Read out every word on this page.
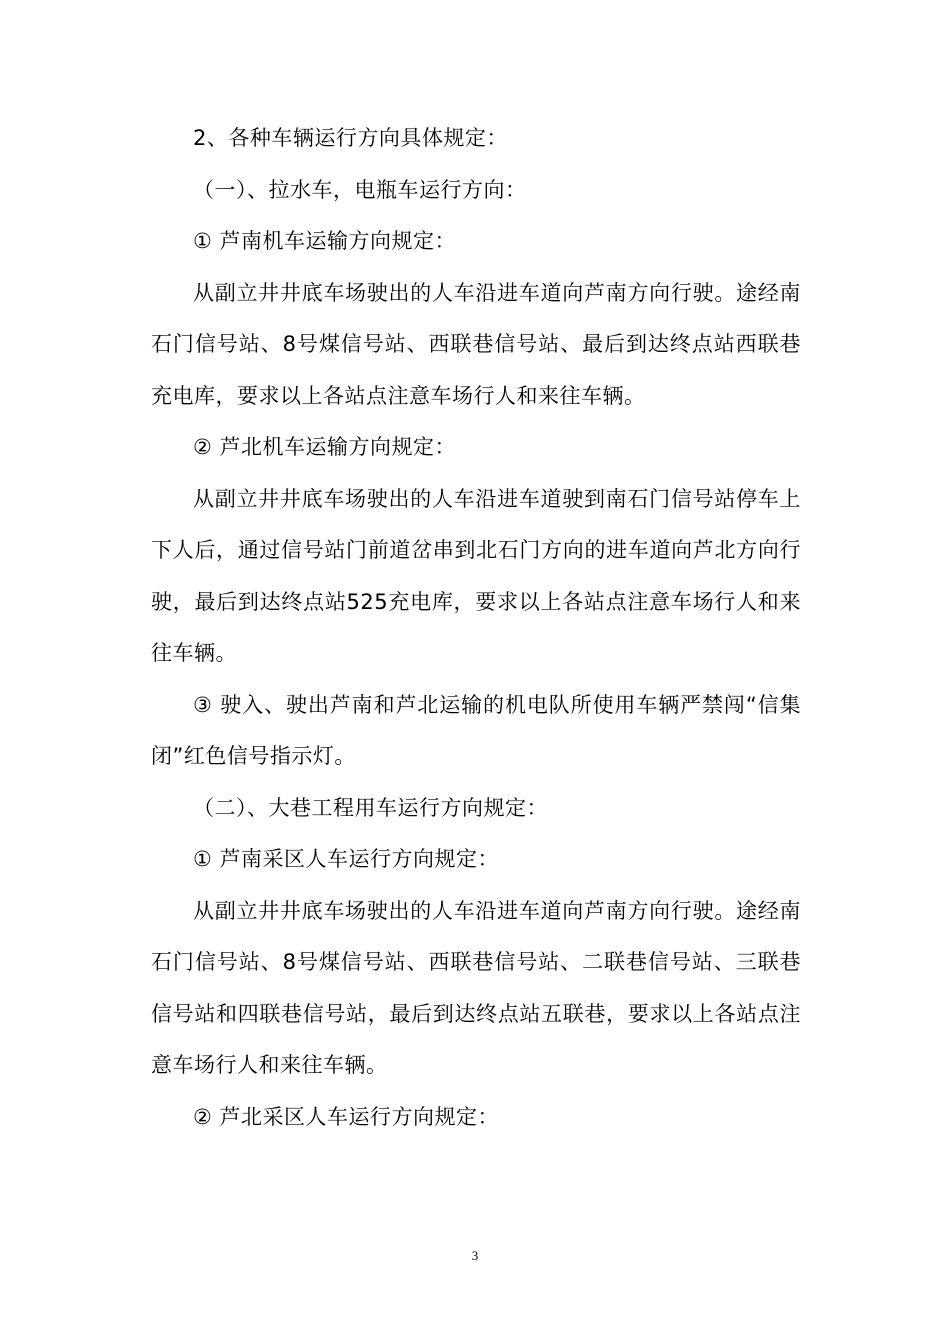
2、各种车辆运行方向具体规定：

（一）、拉水车，电瓶车运行方向：

① 芦南机车运输方向规定：

从副立井井底车场驶出的人车沿进车道向芦南方向行驶。途经南石门信号站、8号煤信号站、西联巷信号站、最后到达终点站西联巷充电库，要求以上各站点注意车场行人和来往车辆。

② 芦北机车运输方向规定：

从副立井井底车场驶出的人车沿进车道驶到南石门信号站停车上下人后，通过信号站门前道岔串到北石门方向的进车道向芦北方向行驶，最后到达终点站525充电库，要求以上各站点注意车场行人和来往车辆。

③ 驶入、驶出芦南和芦北运输的机电队所使用车辆严禁闯“信集闭”红色信号指示灯。

（二）、大巷工程用车运行方向规定：

① 芦南采区人车运行方向规定：

从副立井井底车场驶出的人车沿进车道向芦南方向行驶。途经南石门信号站、8号煤信号站、西联巷信号站、二联巷信号站、三联巷信号站和四联巷信号站，最后到达终点站五联巷，要求以上各站点注意车场行人和来往车辆。

② 芦北采区人车运行方向规定：

3
